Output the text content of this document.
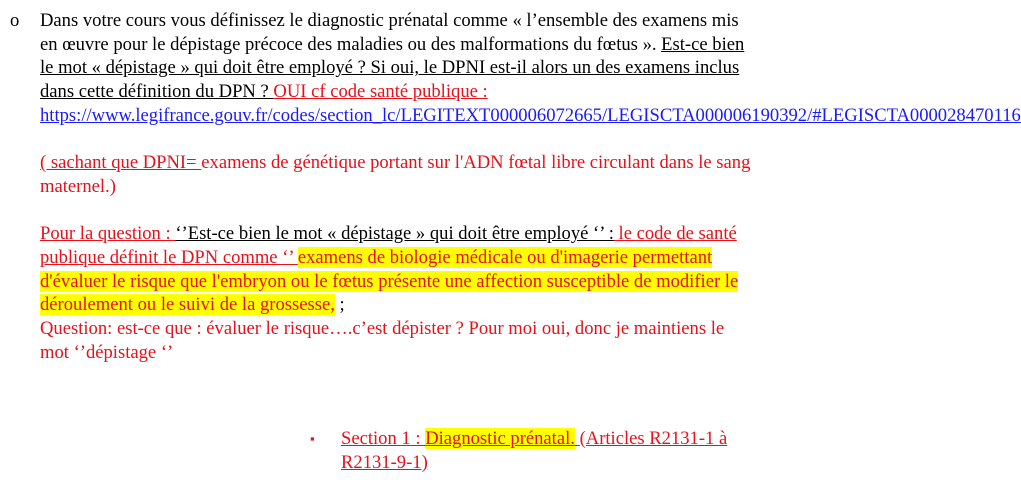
o Dans votre cours vous définissez le diagnostic prénatal comme « l’ensemble des examens mis en œuvre pour le dépistage précoce des maladies ou des malformations du fœtus ». Est-ce bien le mot « dépistage » qui doit être employé ? Si oui, le DPNI est-il alors un des examens inclus dans cette définition du DPN ? OUI cf code santé publique :
https://www.legifrance.gouv.fr/codes/section_lc/LEGITEXT000006072665/LEGISCTA000006190392/#LEGISCTA000028470116

( sachant que DPNI= examens de génétique portant sur l'ADN fœtal libre circulant dans le sang maternel.)

Pour la question : ‘’Est-ce bien le mot « dépistage » qui doit être employé ‘’ : le code de santé publique définit le DPN comme ‘’ examens de biologie médicale ou d'imagerie permettant d'évaluer le risque que l'embryon ou le fœtus présente une affection susceptible de modifier le déroulement ou le suivi de la grossesse, ;
Question: est-ce que : évaluer le risque….c’est dépister ? Pour moi oui, donc je maintiens le mot ‘’dépistage ‘’

▪ Section 1 : Diagnostic prénatal. (Articles R2131-1 à R2131-9-1)
